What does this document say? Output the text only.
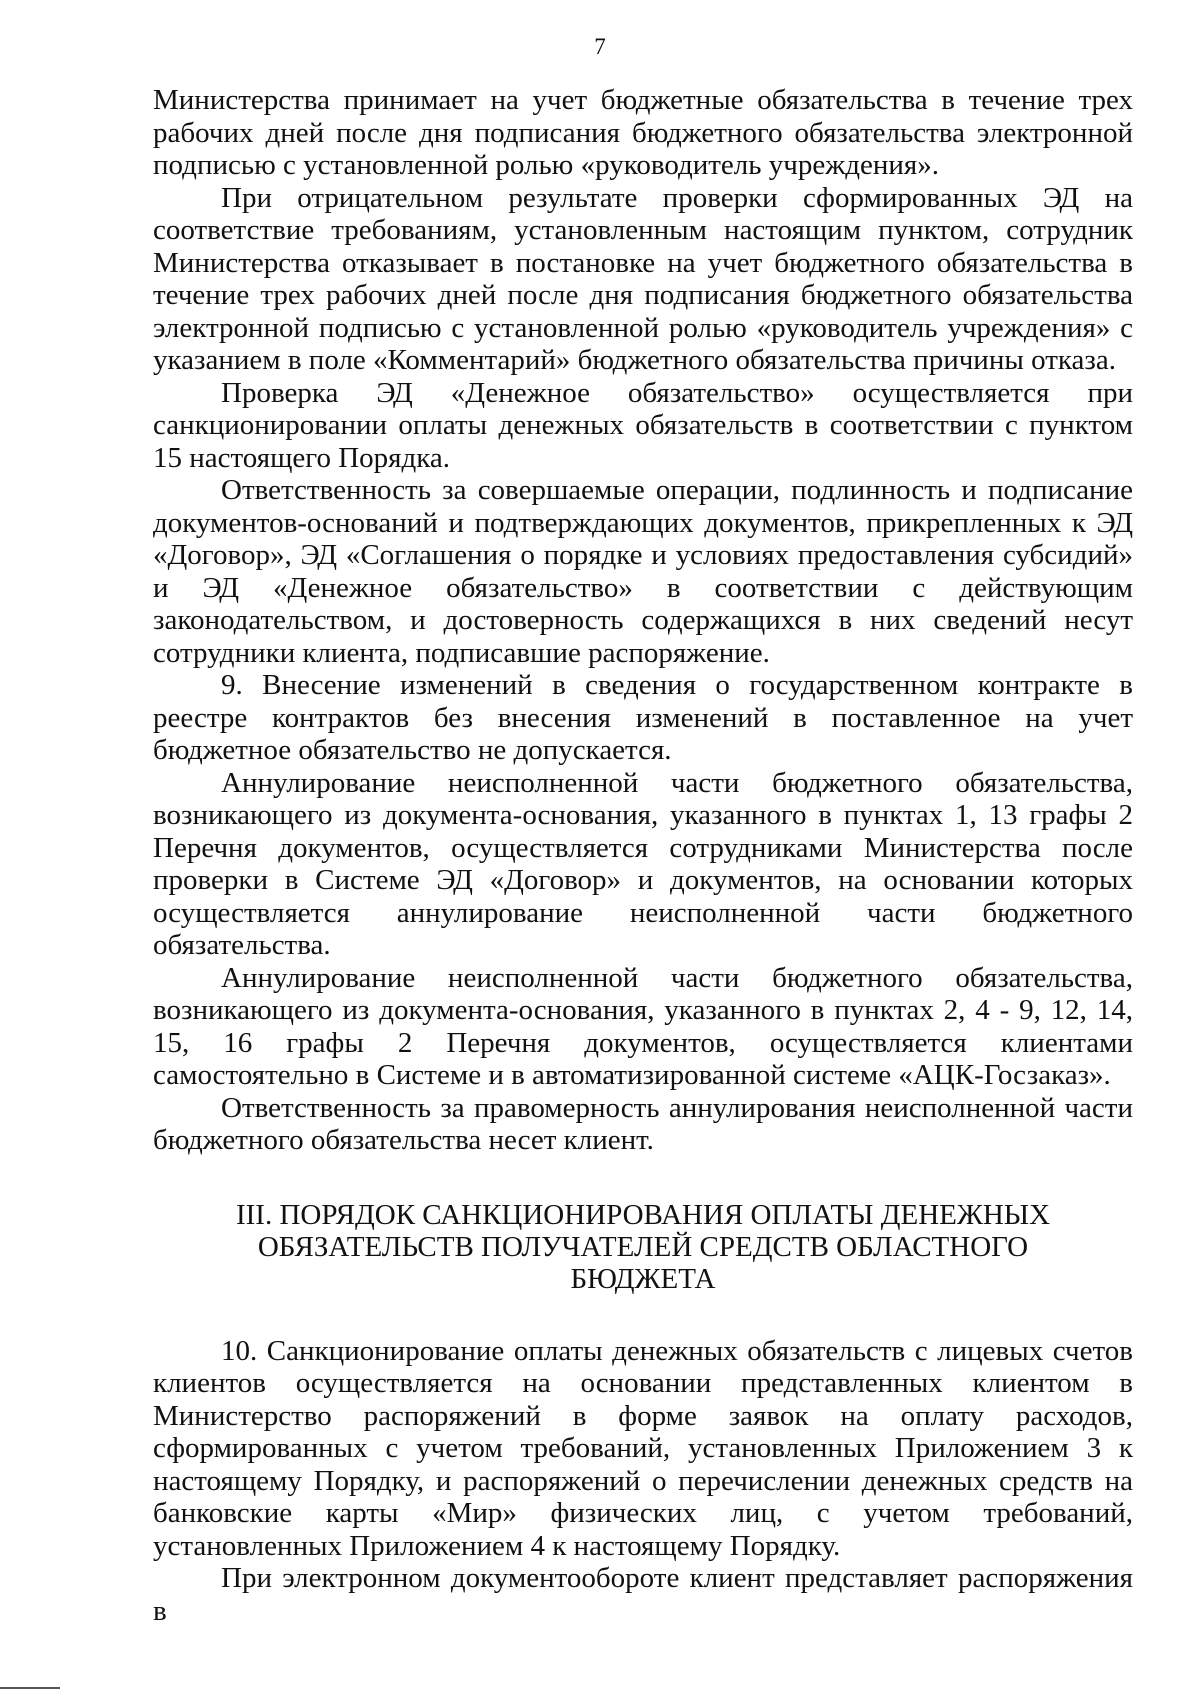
7

Министерства принимает на учет бюджетные обязательства в течение трех рабочих дней после дня подписания бюджетного обязательства электронной подписью с установленной ролью «руководитель учреждения».

При отрицательном результате проверки сформированных ЭД на соответствие требованиям, установленным настоящим пунктом, сотрудник Министерства отказывает в постановке на учет бюджетного обязательства в течение трех рабочих дней после дня подписания бюджетного обязательства электронной подписью с установленной ролью «руководитель учреждения» с указанием в поле «Комментарий» бюджетного обязательства причины отказа.

Проверка ЭД «Денежное обязательство» осуществляется при санкционировании оплаты денежных обязательств в соответствии с пунктом 15 настоящего Порядка.

Ответственность за совершаемые операции, подлинность и подписание документов-оснований и подтверждающих документов, прикрепленных к ЭД «Договор», ЭД «Соглашения о порядке и условиях предоставления субсидий» и ЭД «Денежное обязательство» в соответствии с действующим законодательством, и достоверность содержащихся в них сведений несут сотрудники клиента, подписавшие распоряжение.

9. Внесение изменений в сведения о государственном контракте в реестре контрактов без внесения изменений в поставленное на учет бюджетное обязательство не допускается.

Аннулирование неисполненной части бюджетного обязательства, возникающего из документа-основания, указанного в пунктах 1, 13 графы 2 Перечня документов, осуществляется сотрудниками Министерства после проверки в Системе ЭД «Договор» и документов, на основании которых осуществляется аннулирование неисполненной части бюджетного обязательства.

Аннулирование неисполненной части бюджетного обязательства, возникающего из документа-основания, указанного в пунктах 2, 4 - 9, 12, 14, 15, 16 графы 2 Перечня документов, осуществляется клиентами самостоятельно в Системе и в автоматизированной системе «АЦК-Госзаказ».

Ответственность за правомерность аннулирования неисполненной части бюджетного обязательства несет клиент.

III. ПОРЯДОК САНКЦИОНИРОВАНИЯ ОПЛАТЫ ДЕНЕЖНЫХ
ОБЯЗАТЕЛЬСТВ ПОЛУЧАТЕЛЕЙ СРЕДСТВ ОБЛАСТНОГО
БЮДЖЕТА

10. Санкционирование оплаты денежных обязательств с лицевых счетов клиентов осуществляется на основании представленных клиентом в Министерство распоряжений в форме заявок на оплату расходов, сформированных с учетом требований, установленных Приложением 3 к настоящему Порядку, и распоряжений о перечислении денежных средств на банковские карты «Мир» физических лиц, с учетом требований, установленных Приложением 4 к настоящему Порядку.

При электронном документообороте клиент представляет распоряжения в
